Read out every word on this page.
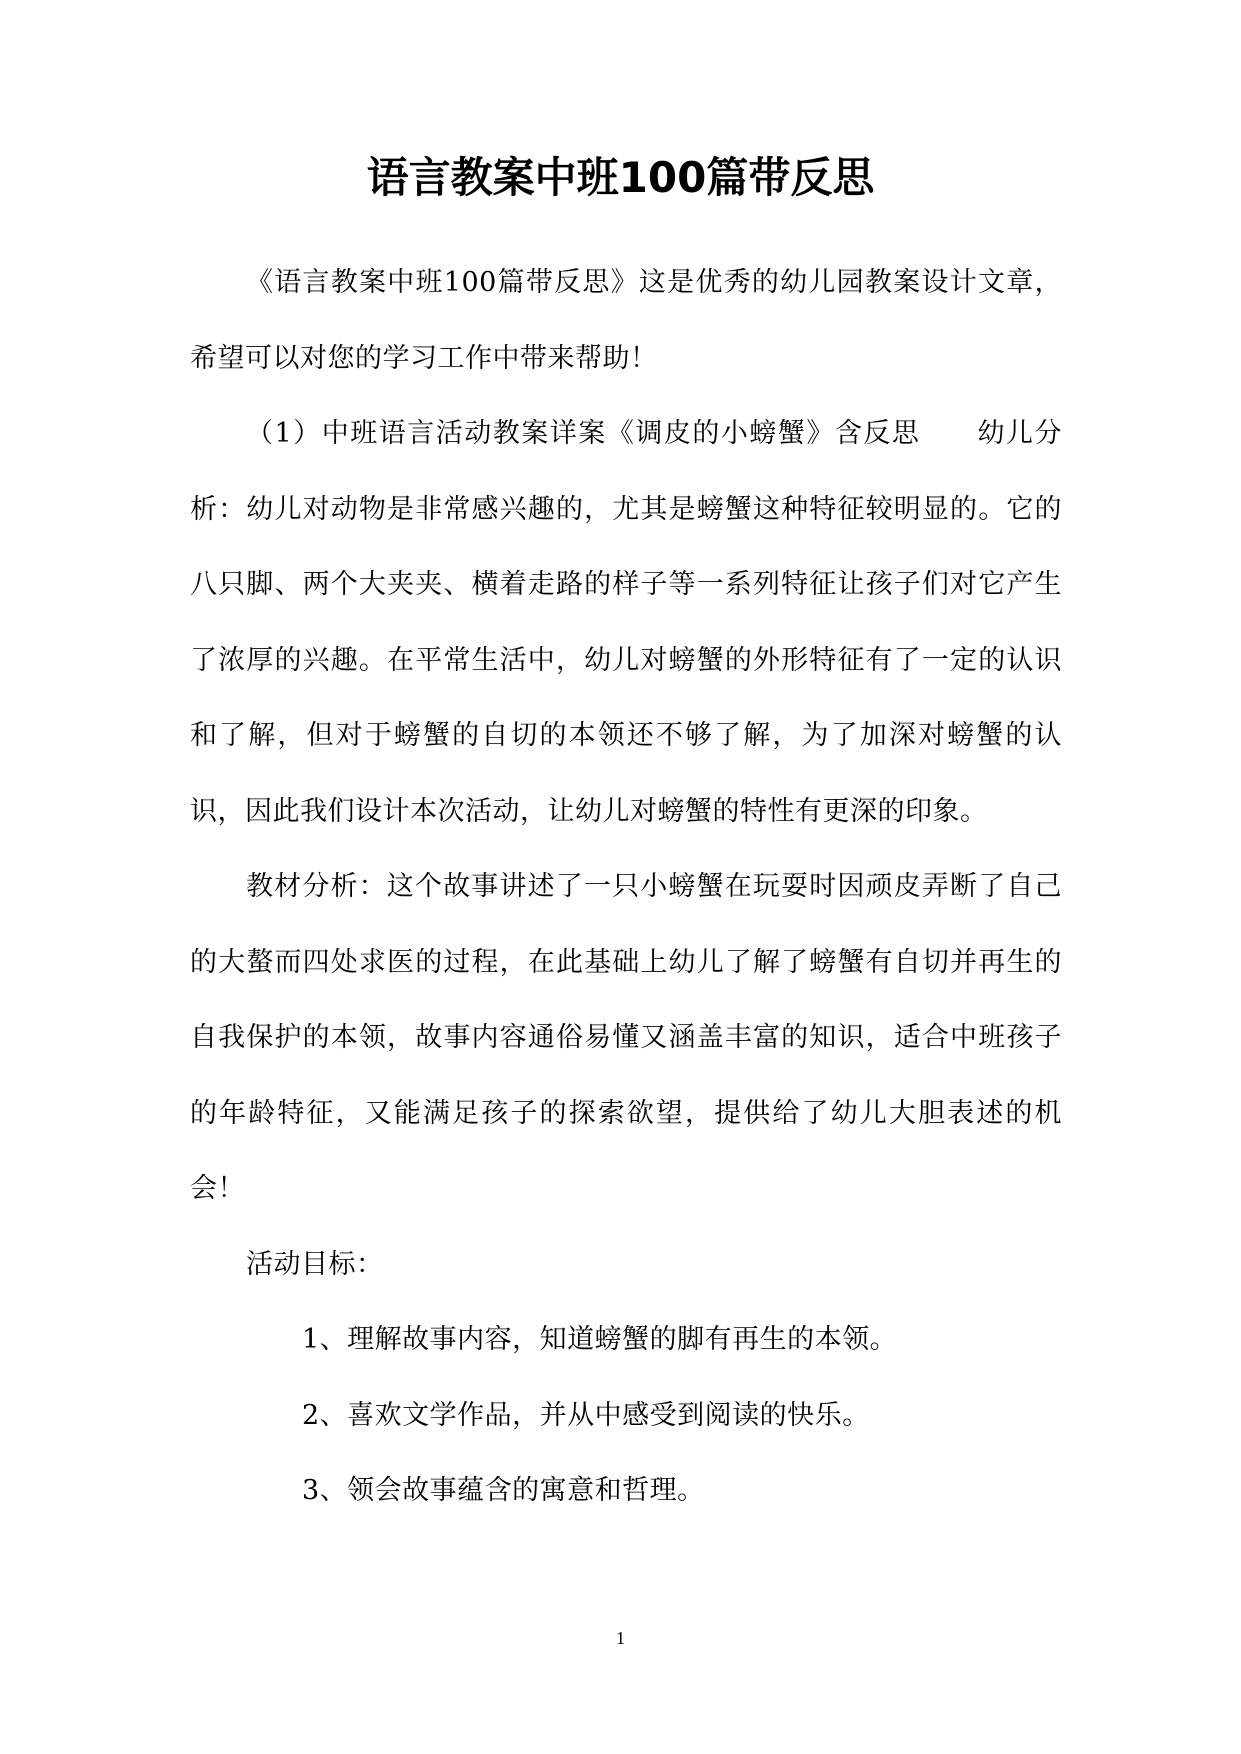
语言教案中班100篇带反思

《语言教案中班100篇带反思》这是优秀的幼儿园教案设计文章，希望可以对您的学习工作中带来帮助！

（1）中班语言活动教案详案《调皮的小螃蟹》含反思　　幼儿分析：幼儿对动物是非常感兴趣的，尤其是螃蟹这种特征较明显的。它的八只脚、两个大夹夹、横着走路的样子等一系列特征让孩子们对它产生了浓厚的兴趣。在平常生活中，幼儿对螃蟹的外形特征有了一定的认识和了解，但对于螃蟹的自切的本领还不够了解，为了加深对螃蟹的认识，因此我们设计本次活动，让幼儿对螃蟹的特性有更深的印象。

教材分析：这个故事讲述了一只小螃蟹在玩耍时因顽皮弄断了自己的大螯而四处求医的过程，在此基础上幼儿了解了螃蟹有自切并再生的自我保护的本领，故事内容通俗易懂又涵盖丰富的知识，适合中班孩子的年龄特征，又能满足孩子的探索欲望，提供给了幼儿大胆表述的机会！

活动目标：

1、理解故事内容，知道螃蟹的脚有再生的本领。

2、喜欢文学作品，并从中感受到阅读的快乐。

3、领会故事蕴含的寓意和哲理。

1
